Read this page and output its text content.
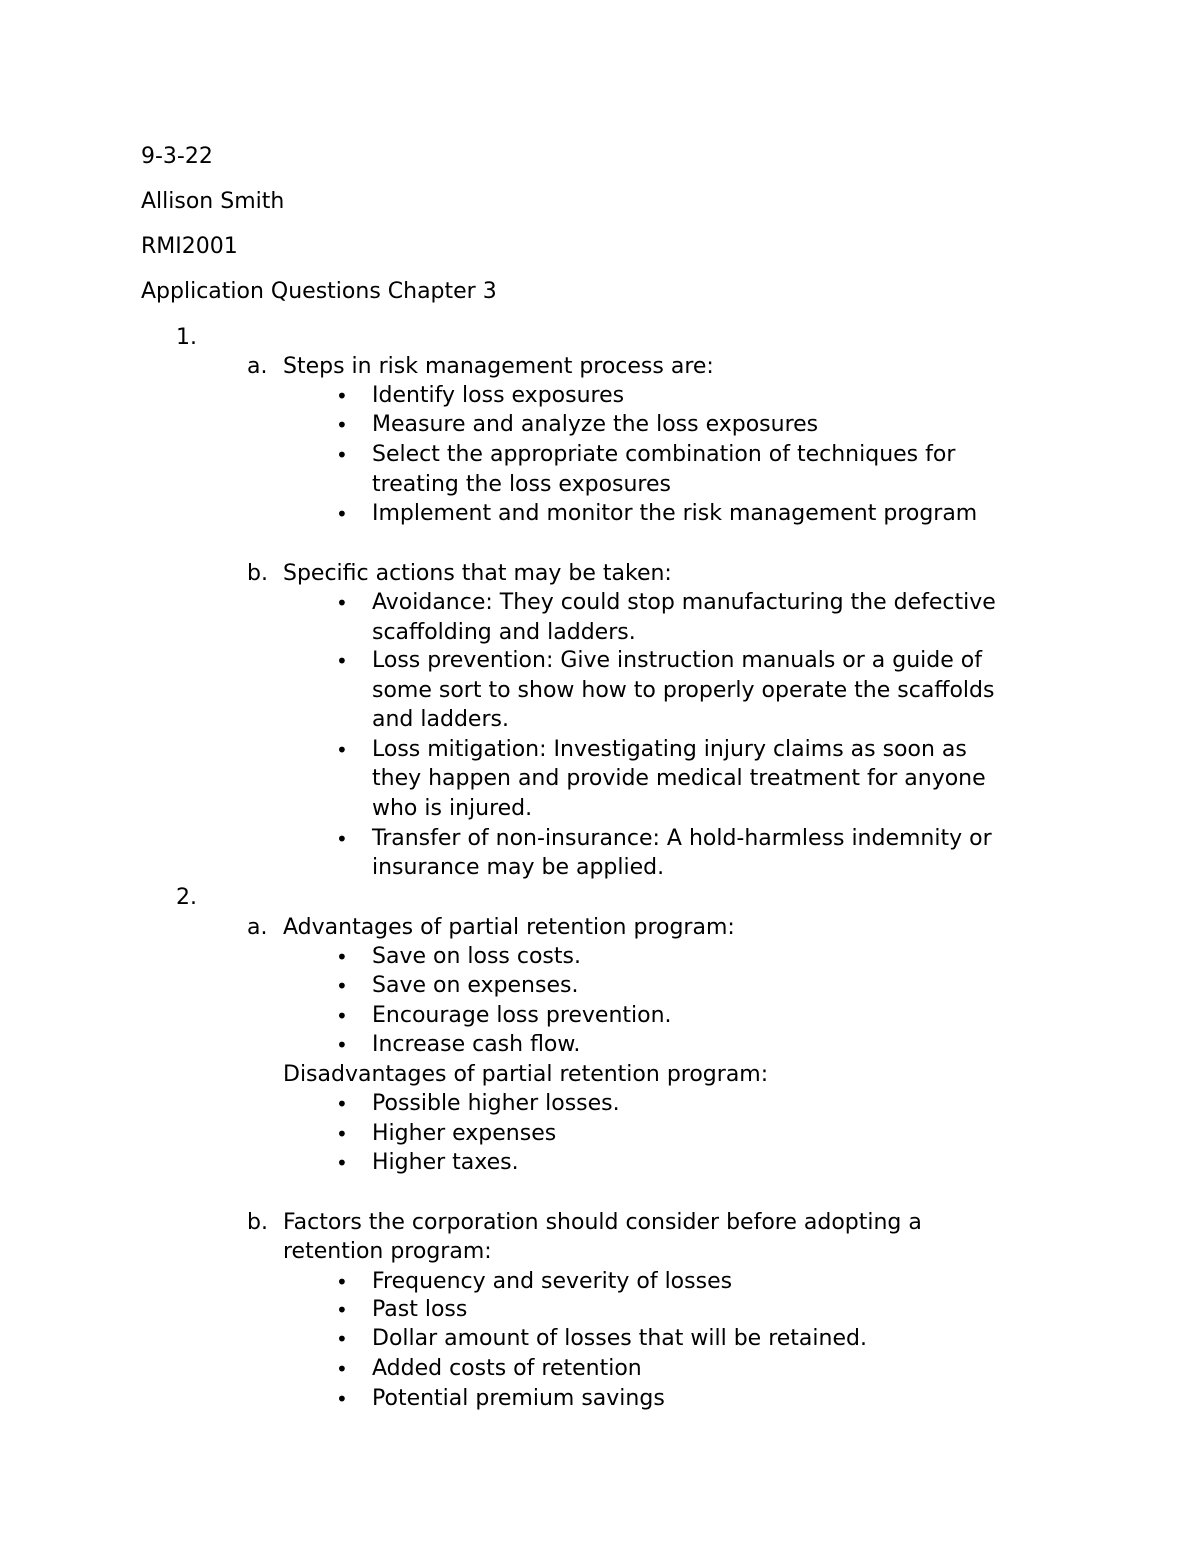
9-3-22
Allison Smith
RMI2001
Application Questions Chapter 3
1.
a. Steps in risk management process are:
• Identify loss exposures
• Measure and analyze the loss exposures
• Select the appropriate combination of techniques for
treating the loss exposures
• Implement and monitor the risk management program
b. Specific actions that may be taken:
• Avoidance: They could stop manufacturing the defective
scaffolding and ladders.
• Loss prevention: Give instruction manuals or a guide of
some sort to show how to properly operate the scaffolds
and ladders.
• Loss mitigation: Investigating injury claims as soon as
they happen and provide medical treatment for anyone
who is injured.
• Transfer of non-insurance: A hold-harmless indemnity or
insurance may be applied.
2.
a. Advantages of partial retention program:
• Save on loss costs.
• Save on expenses.
• Encourage loss prevention.
• Increase cash flow.
Disadvantages of partial retention program:
• Possible higher losses.
• Higher expenses
• Higher taxes.
b. Factors the corporation should consider before adopting a
retention program:
• Frequency and severity of losses
• Past loss
• Dollar amount of losses that will be retained.
• Added costs of retention
• Potential premium savings
